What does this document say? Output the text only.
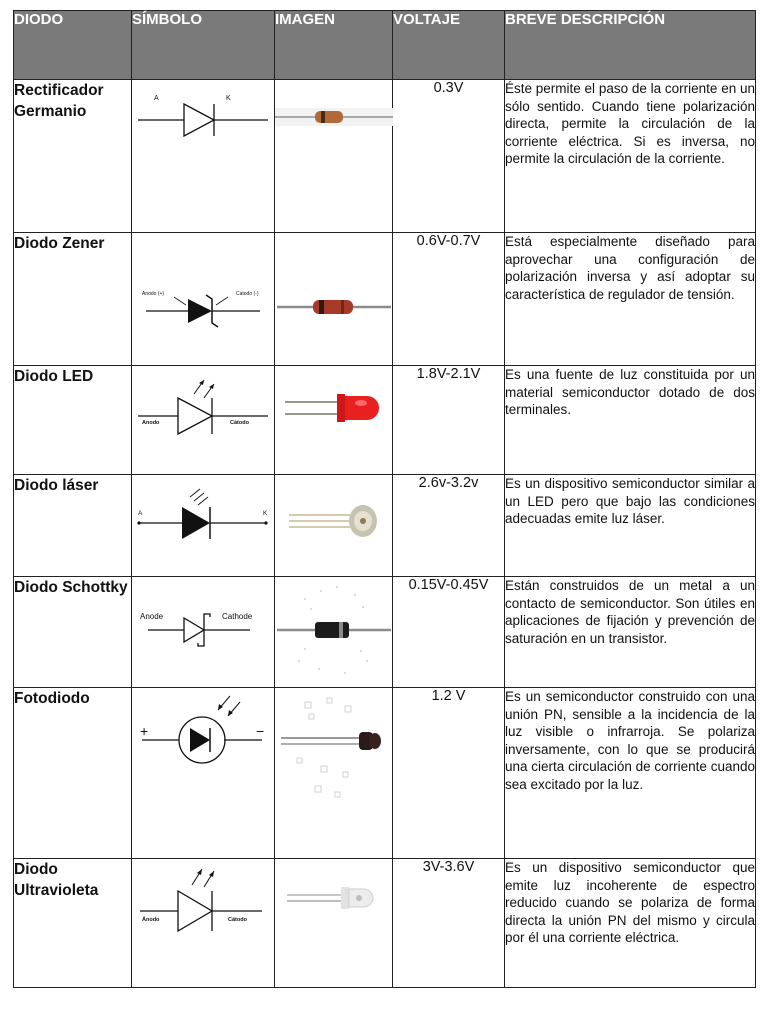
DIODO	SÍMBOLO	IMAGEN	VOLTAJE	BREVE DESCRIPCIÓN
Rectificador Germanio	A K		0.3V	Éste permite el paso de la corriente en un sólo sentido. Cuando tiene polarización directa, permite la circulación de la corriente eléctrica. Si es inversa, no permite la circulación de la corriente.
Diodo Zener	Anodo (+) Catodo (-)		0.6V-0.7V	Está especialmente diseñado para aprovechar una configuración de polarización inversa y así adoptar su característica de regulador de tensión.
Diodo LED	Anodo Cátodo		1.8V-2.1V	Es una fuente de luz constituida por un material semiconductor dotado de dos terminales.
Diodo láser	A K		2.6v-3.2v	Es un dispositivo semiconductor similar a un LED pero que bajo las condiciones adecuadas emite luz láser.
Diodo Schottky	Anode Cathode		0.15V-0.45V	Están construidos de un metal a un contacto de semiconductor. Son útiles en aplicaciones de fijación y prevención de saturación en un transistor.
Fotodiodo	+ −		1.2 V	Es un semiconductor construido con una unión PN, sensible a la incidencia de la luz visible o infrarroja. Se polariza inversamente, con lo que se producirá una cierta circulación de corriente cuando sea excitado por la luz.
Diodo Ultravioleta	Ánodo Cátodo		3V-3.6V	Es un dispositivo semiconductor que emite luz incoherente de espectro reducido cuando se polariza de forma directa la unión PN del mismo y circula por él una corriente eléctrica.
